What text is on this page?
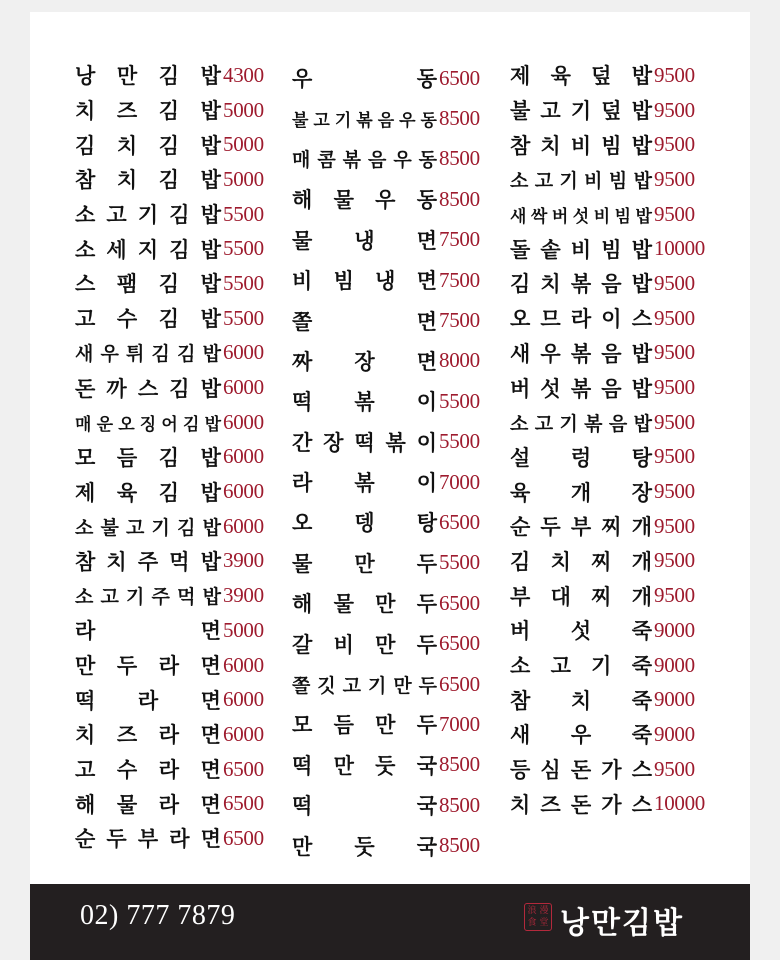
낭 만 김 밥 4300
치 즈 김 밥 5000
김 치 김 밥 5000
참 치 김 밥 5000
소 고 기 김 밥 5500
소 세 지 김 밥 5500
스 팸 김 밥 5500
고 수 김 밥 5500
새 우 튀 김 김 밥 6000
돈 까 스 김 밥 6000
매 운 오 징 어 김 밥 6000
모 듬 김 밥 6000
제 육 김 밥 6000
소 불 고 기 김 밥 6000
참 치 주 먹 밥 3900
소 고 기 주 먹 밥 3900
라	면 5000
만 두 라 면 6000
떡 라 면 6000
치 즈 라 면 6000
고 수 라 면 6500
해 물 라 면 6500
순 두 부 라 면 6500
우	동 6500
불 고 기 볶 음 우 동 8500
매 콤 볶 음 우 동 8500
해 물 우 동 8500
물 냉 면 7500
비 빔 냉 면 7500
쫄	면 7500
짜 장 면 8000
떡 볶 이 5500
간 장 떡 볶 이 5500
라 볶 이 7000
오 뎅 탕 6500
물 만 두 5500
해 물 만 두 6500
갈 비 만 두 6500
쫄 깃 고 기 만 두 6500
모 듬 만 두 7000
떡 만 둣 국 8500
떡	국 8500
만 둣 국 8500
제 육 덮 밥 9500
불 고 기 덮 밥 9500
참 치 비 빔 밥 9500
소 고 기 비 빔 밥 9500
새 싹 버 섯 비 빔 밥 9500
돌 솥 비 빔 밥 10000
김 치 볶 음 밥 9500
오 므 라 이 스 9500
새 우 볶 음 밥 9500
버 섯 볶 음 밥 9500
소 고 기 볶 음 밥 9500
설 렁 탕 9500
육 개 장 9500
순 두 부 찌 개 9500
김 치 찌 개 9500
부 대 찌 개 9500
버 섯 죽 9000
소 고 기 죽 9000
참 치 죽 9000
새 우 죽 9000
등 심 돈 가 스 9500
치 즈 돈 가 스 10000
02) 777 7879	浪 漫
食 堂 낭만김밥
